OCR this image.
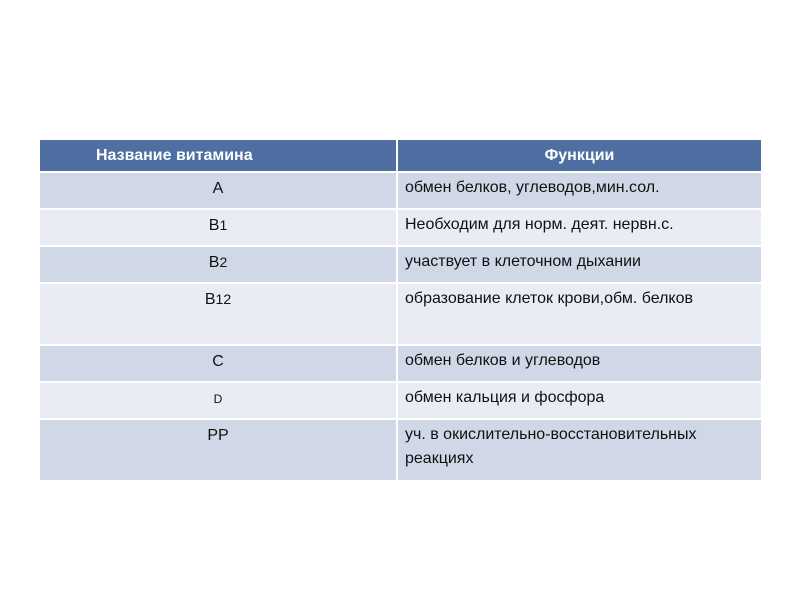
Название витамина	Функции
A	обмен белков, углеводов,мин.сол.
B1	Необходим для норм. деят. нервн.с.
B2	участвует в клеточном дыхании
B12	образование клеток крови,обм. белков
C	обмен белков и углеводов
D	обмен кальция и фосфора
PP	уч. в окислительно-восстановительных реакциях
